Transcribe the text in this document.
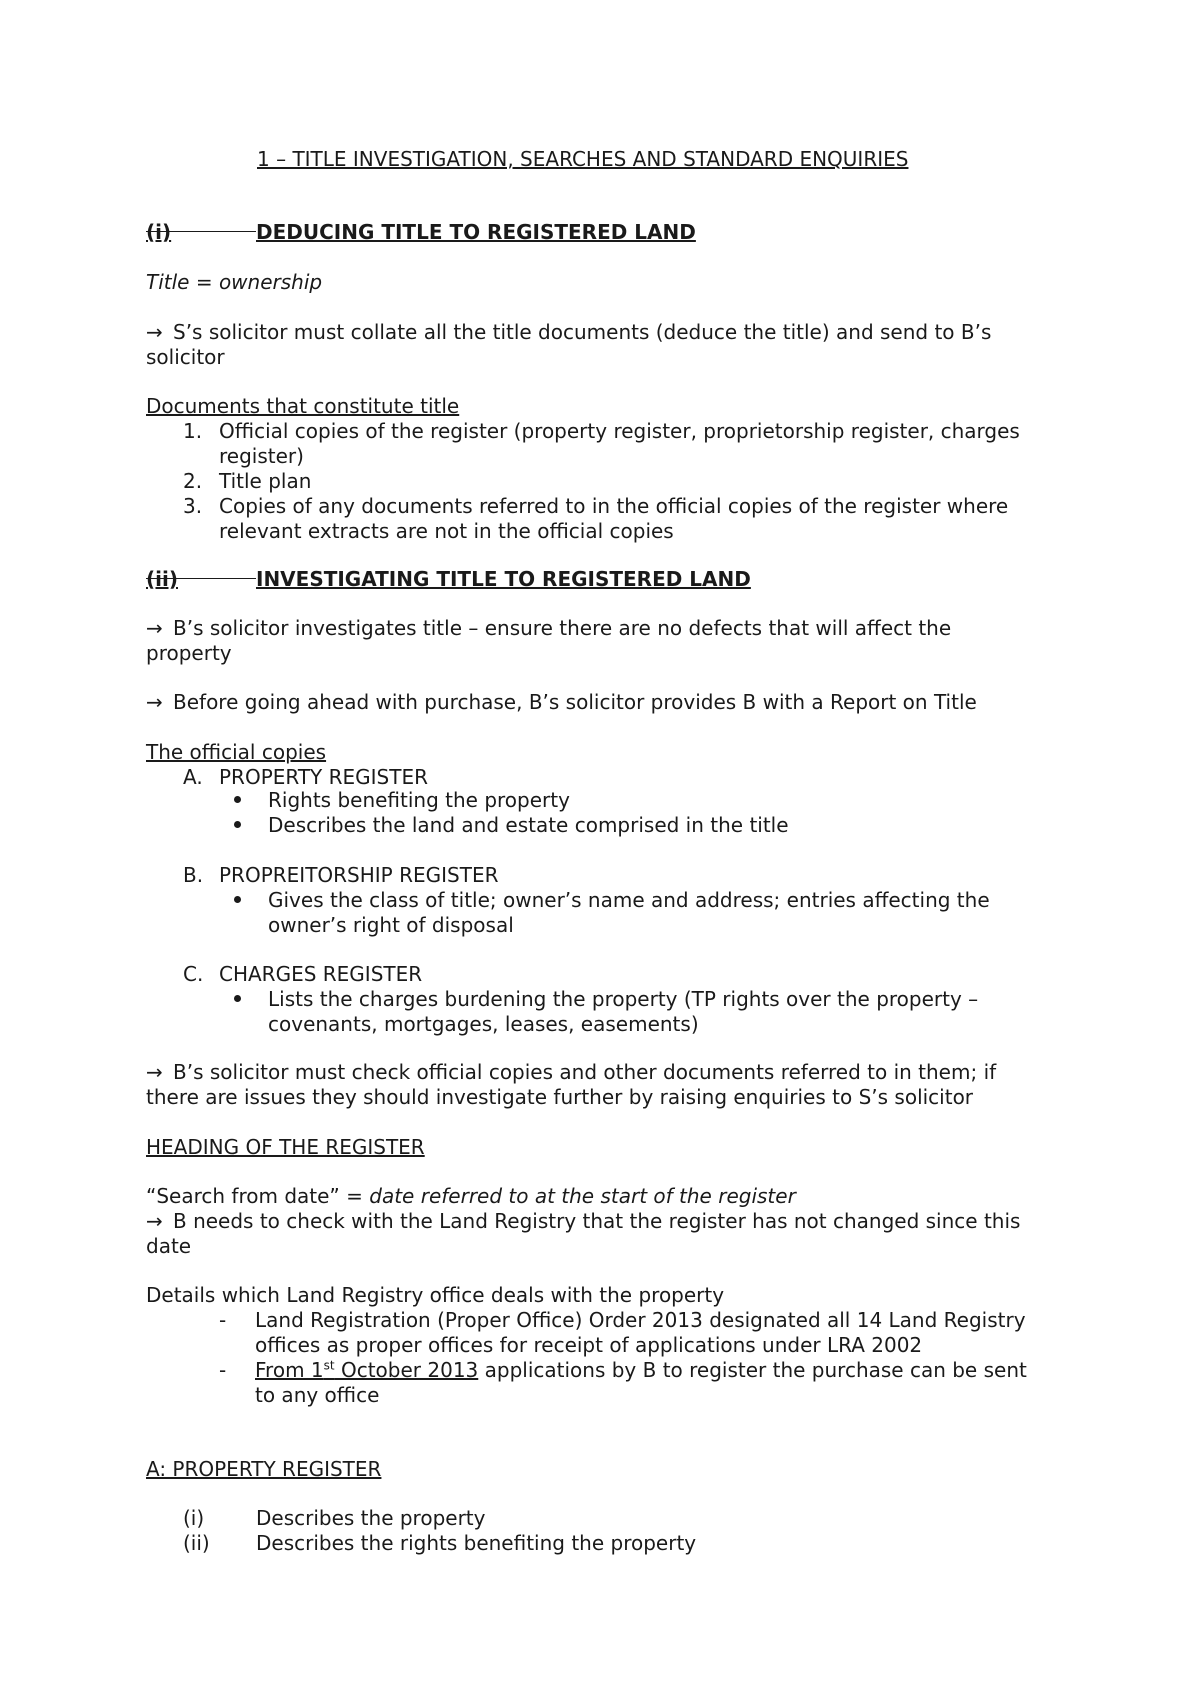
1 – TITLE INVESTIGATION, SEARCHES AND STANDARD ENQUIRIES
(i)	DEDUCING TITLE TO REGISTERED LAND
Title = ownership
→ S’s solicitor must collate all the title documents (deduce the title) and send to B’s
solicitor
Documents that constitute title
1. Official copies of the register (property register, proprietorship register, charges
register)
2. Title plan
3. Copies of any documents referred to in the official copies of the register where
relevant extracts are not in the official copies
(ii)	INVESTIGATING TITLE TO REGISTERED LAND
→ B’s solicitor investigates title – ensure there are no defects that will affect the
property
→ Before going ahead with purchase, B’s solicitor provides B with a Report on Title
The official copies
A. PROPERTY REGISTER
Rights benefiting the property
Describes the land and estate comprised in the title
B. PROPREITORSHIP REGISTER
Gives the class of title; owner’s name and address; entries affecting the
owner’s right of disposal
C. CHARGES REGISTER
Lists the charges burdening the property (TP rights over the property –
covenants, mortgages, leases, easements)
→ B’s solicitor must check official copies and other documents referred to in them; if
there are issues they should investigate further by raising enquiries to S’s solicitor
HEADING OF THE REGISTER
“Search from date” = date referred to at the start of the register
→ B needs to check with the Land Registry that the register has not changed since this
date
Details which Land Registry office deals with the property
- Land Registration (Proper Office) Order 2013 designated all 14 Land Registry
offices as proper offices for receipt of applications under LRA 2002
- From 1st October 2013 applications by B to register the purchase can be sent
to any office
A: PROPERTY REGISTER
(i)	Describes the property
(ii) Describes the rights benefiting the property
